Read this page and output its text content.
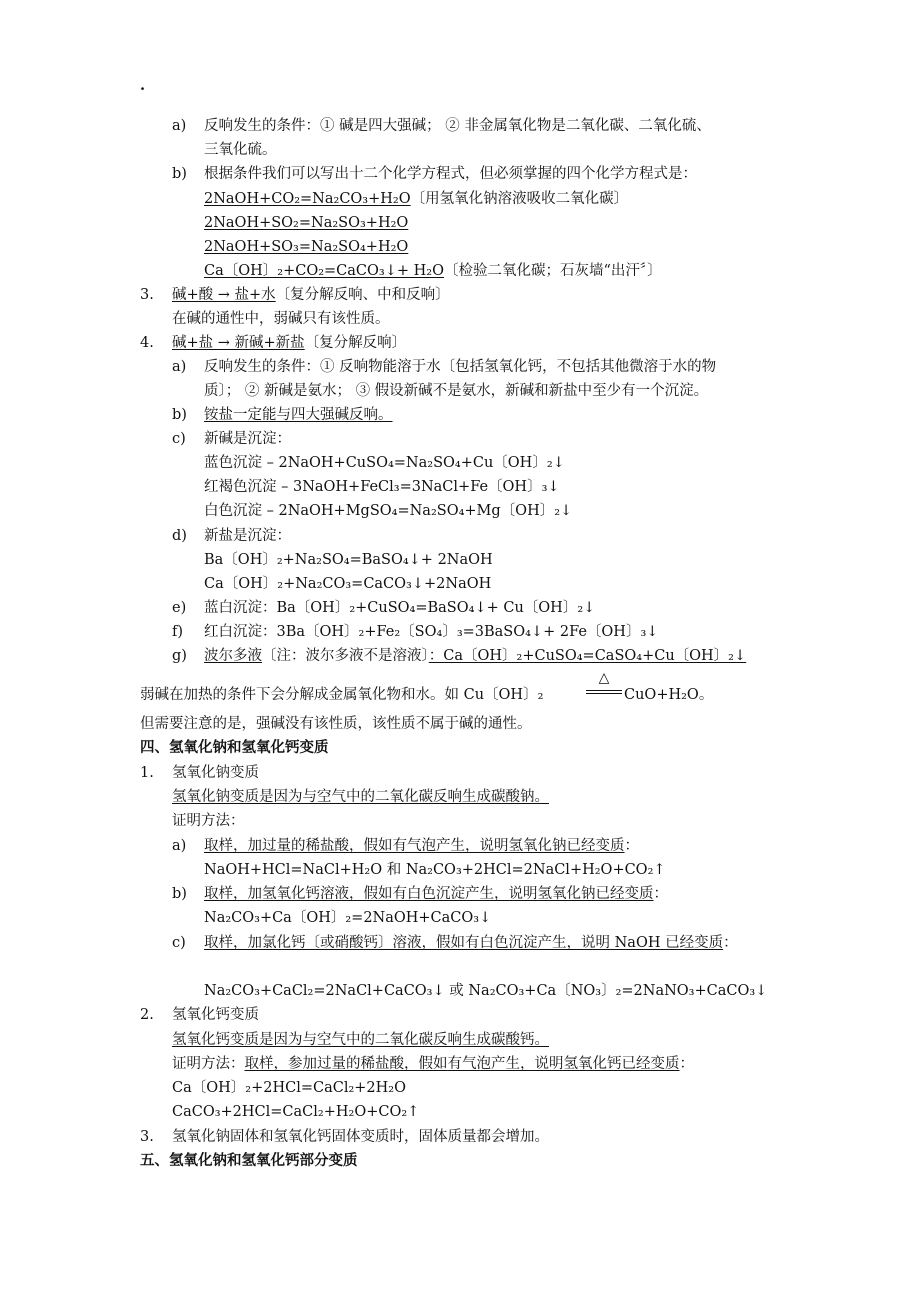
.
a) 反响发生的条件：① 碱是四大强碱； ② 非金属氧化物是二氧化碳、二氧化硫、
三氧化硫。
b) 根据条件我们可以写出十二个化学方程式，但必须掌握的四个化学方程式是：
2NaOH+CO₂=Na₂CO₃+H₂O〔用氢氧化钠溶液吸收二氧化碳〕
2NaOH+SO₂=Na₂SO₃+H₂O
2NaOH+SO₃=Na₂SO₄+H₂O
Ca〔OH〕₂+CO₂=CaCO₃↓+ H₂O〔检验二氧化碳；石灰墙“出汗〞〕
3. 碱+酸 → 盐+水〔复分解反响、中和反响〕
在碱的通性中，弱碱只有该性质。
4. 碱+盐 → 新碱+新盐〔复分解反响〕
a) 反响发生的条件：① 反响物能溶于水〔包括氢氧化钙，不包括其他微溶于水的物
质〕； ② 新碱是氨水； ③ 假设新碱不是氨水，新碱和新盐中至少有一个沉淀。
b) 铵盐一定能与四大强碱反响。
c) 新碱是沉淀：
蓝色沉淀 – 2NaOH+CuSO₄=Na₂SO₄+Cu〔OH〕₂↓
红褐色沉淀 – 3NaOH+FeCl₃=3NaCl+Fe〔OH〕₃↓
白色沉淀 – 2NaOH+MgSO₄=Na₂SO₄+Mg〔OH〕₂↓
d) 新盐是沉淀：
Ba〔OH〕₂+Na₂SO₄=BaSO₄↓+ 2NaOH
Ca〔OH〕₂+Na₂CO₃=CaCO₃↓+2NaOH
e) 蓝白沉淀：Ba〔OH〕₂+CuSO₄=BaSO₄↓+ Cu〔OH〕₂↓
f) 红白沉淀：3Ba〔OH〕₂+Fe₂〔SO₄〕₃=3BaSO₄↓+ 2Fe〔OH〕₃↓
g) 波尔多液〔注：波尔多液不是溶液〕：Ca〔OH〕₂+CuSO₄=CaSO₄+Cu〔OH〕₂↓
弱碱在加热的条件下会分解成金属氧化物和水。如 Cu〔OH〕₂
△
CuO+H₂O。
但需要注意的是，强碱没有该性质，该性质不属于碱的通性。
四、氢氧化钠和氢氧化钙变质
1. 氢氧化钠变质
氢氧化钠变质是因为与空气中的二氧化碳反响生成碳酸钠。
证明方法：
a) 取样，加过量的稀盐酸，假如有气泡产生，说明氢氧化钠已经变质：
NaOH+HCl=NaCl+H₂O 和 Na₂CO₃+2HCl=2NaCl+H₂O+CO₂↑
b) 取样，加氢氧化钙溶液，假如有白色沉淀产生，说明氢氧化钠已经变质：
Na₂CO₃+Ca〔OH〕₂=2NaOH+CaCO₃↓
c) 取样，加氯化钙〔或硝酸钙〕溶液，假如有白色沉淀产生，说明 NaOH 已经变质：
Na₂CO₃+CaCl₂=2NaCl+CaCO₃↓ 或 Na₂CO₃+Ca〔NO₃〕₂=2NaNO₃+CaCO₃↓
2. 氢氧化钙变质
氢氧化钙变质是因为与空气中的二氧化碳反响生成碳酸钙。
证明方法：取样，参加过量的稀盐酸，假如有气泡产生，说明氢氧化钙已经变质：
Ca〔OH〕₂+2HCl=CaCl₂+2H₂O
CaCO₃+2HCl=CaCl₂+H₂O+CO₂↑
3. 氢氧化钠固体和氢氧化钙固体变质时，固体质量都会增加。
五、氢氧化钠和氢氧化钙部分变质
